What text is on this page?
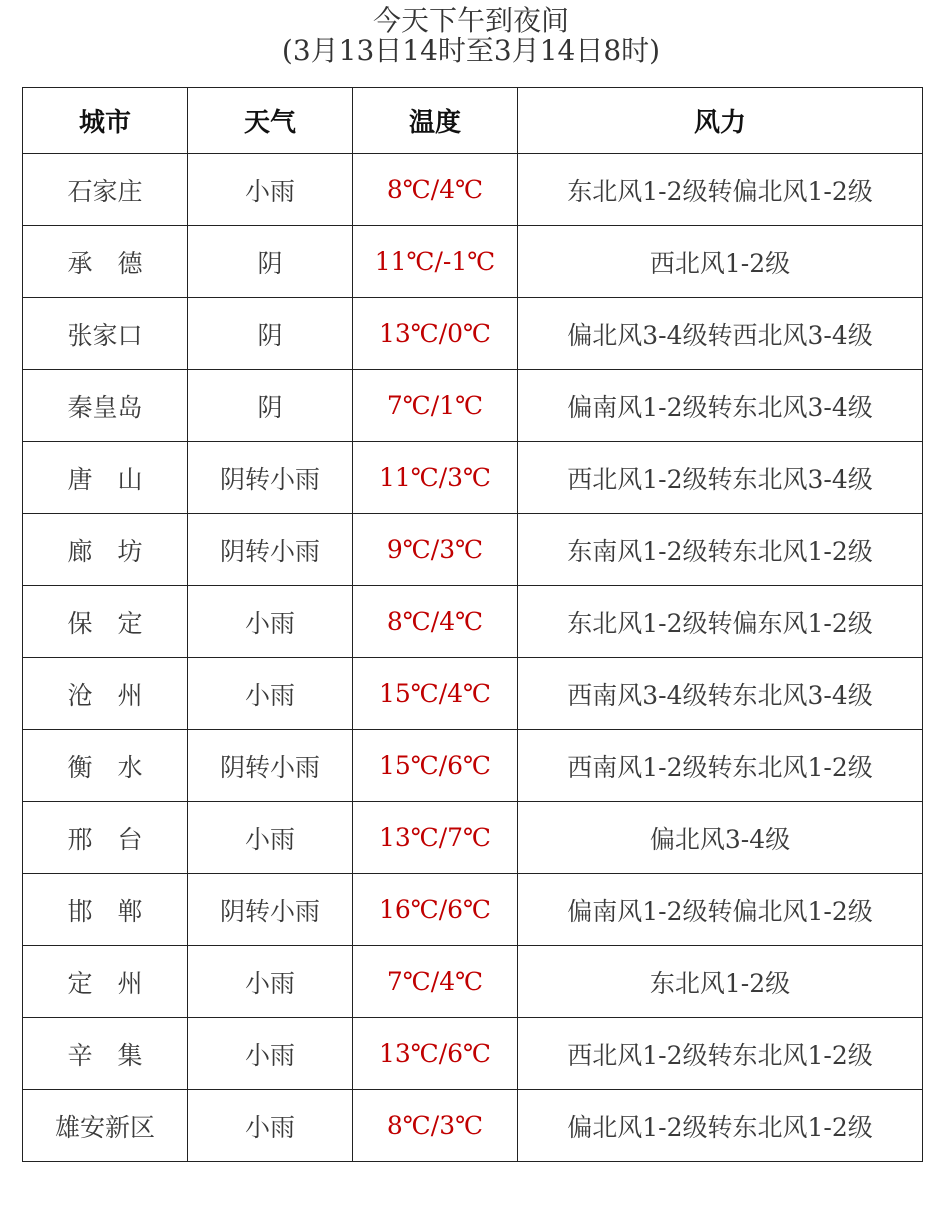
今天下午到夜间
(3月13日14时至3月14日8时)
城市	天气	温度	风力
石家庄	小雨	8℃/4℃	东北风1-2级转偏北风1-2级
承　德	阴	11℃/-1℃	西北风1-2级
张家口	阴	13℃/0℃	偏北风3-4级转西北风3-4级
秦皇岛	阴	7℃/1℃	偏南风1-2级转东北风3-4级
唐　山	阴转小雨	11℃/3℃	西北风1-2级转东北风3-4级
廊　坊	阴转小雨	9℃/3℃	东南风1-2级转东北风1-2级
保　定	小雨	8℃/4℃	东北风1-2级转偏东风1-2级
沧　州	小雨	15℃/4℃	西南风3-4级转东北风3-4级
衡　水	阴转小雨	15℃/6℃	西南风1-2级转东北风1-2级
邢　台	小雨	13℃/7℃	偏北风3-4级
邯　郸	阴转小雨	16℃/6℃	偏南风1-2级转偏北风1-2级
定　州	小雨	7℃/4℃	东北风1-2级
辛　集	小雨	13℃/6℃	西北风1-2级转东北风1-2级
雄安新区	小雨	8℃/3℃	偏北风1-2级转东北风1-2级
